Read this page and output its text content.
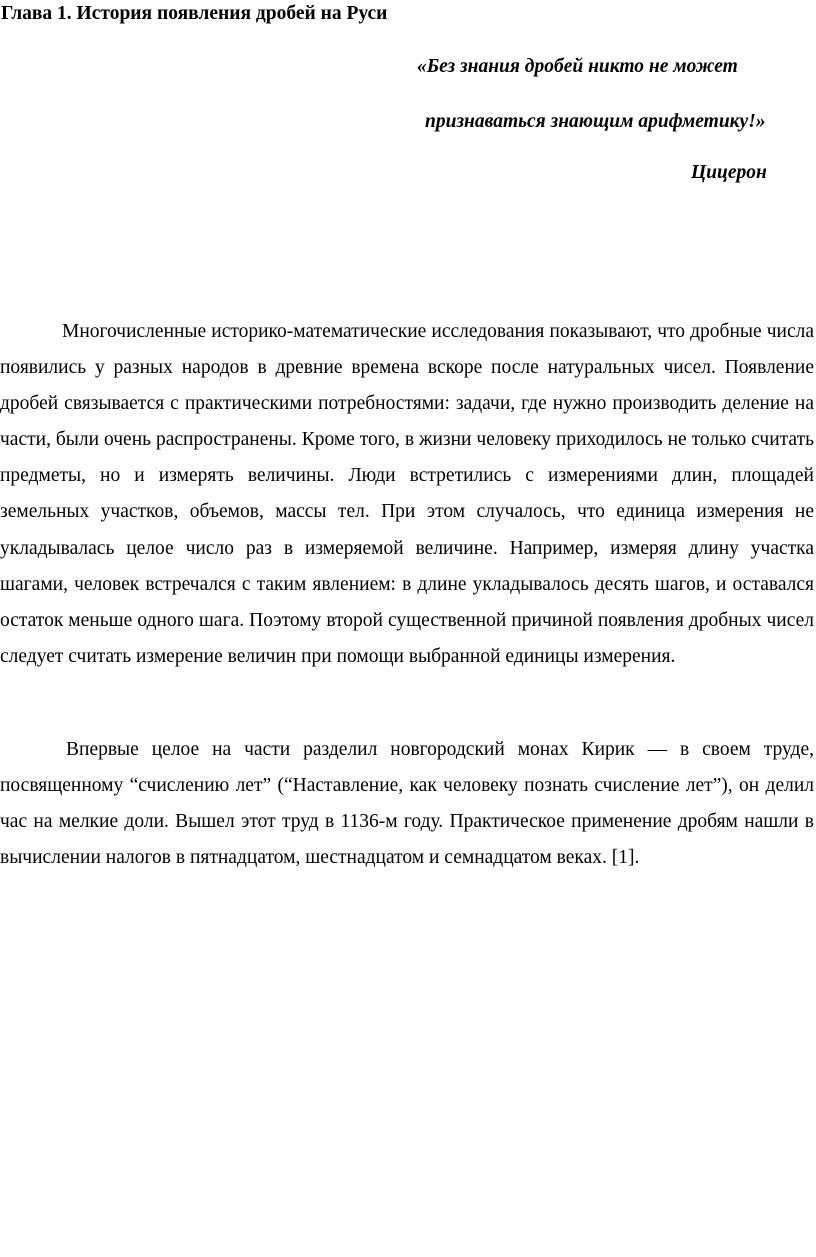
Глава 1. История появления дробей на Руси

«Без знания дробей никто не может

признаваться знающим арифметику!»

Цицерон

Многочисленные историко-математические исследования показывают, что дробные числа появились у разных народов в древние времена вскоре после натуральных чисел. Появление дробей связывается с практическими потребностями: задачи, где нужно производить деление на части, были очень распространены. Кроме того, в жизни человеку приходилось не только считать предметы, но и измерять величины. Люди встретились с измерениями длин, площадей земельных участков, объемов, массы тел. При этом случалось, что единица измерения не укладывалась целое число раз в измеряемой величине. Например, измеряя длину участка шагами, человек встречался с таким явлением: в длине укладывалось десять шагов, и оставался остаток меньше одного шага. Поэтому второй существенной причиной появления дробных чисел следует считать измерение величин при помощи выбранной единицы измерения.

Впервые целое на части разделил новгородский монах Кирик — в своем труде, посвященному “счислению лет” (“Наставление, как человеку познать счисление лет”), он делил час на мелкие доли. Вышел этот труд в 1136-м году. Практическое применение дробям нашли в вычислении налогов в пятнадцатом, шестнадцатом и семнадцатом веках. [1].
